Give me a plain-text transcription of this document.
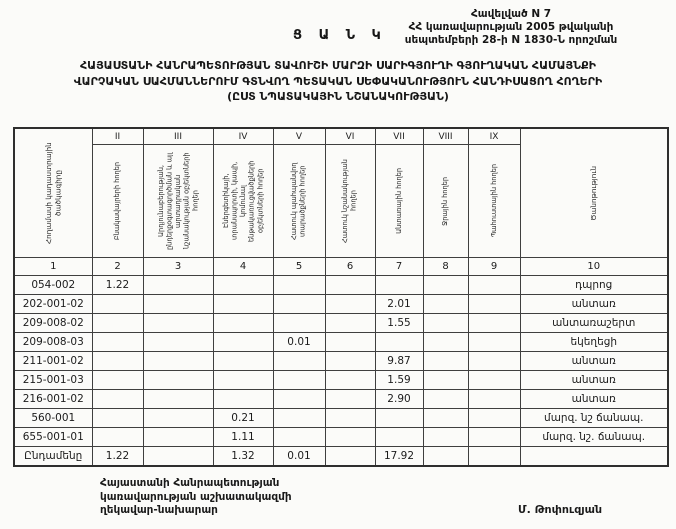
Հավելված N 7
ՀՀ կառավարության 2005 թվականի
սեպտեմբերի 28-ի N 1830-Ն որոշման
Ց Ա Ն Կ
ՀԱՅԱՍՏԱՆԻ ՀԱՆՐԱՊԵՏՈՒԹՅԱՆ ՏԱՎՈՒՇԻ ՄԱՐԶԻ ՍԱՐԻԳՅՈՒՂԻ ԳՅՈՒՂԱԿԱՆ ՀԱՄԱՅՆՔԻ
ՎԱՐՉԱԿԱՆ ՍԱՀՄԱՆՆԵՐՈՒՄ ԳՏՆՎՈՂ ՊԵՏԱԿԱՆ ՍԵՓԱԿԱՆՈՒԹՅՈՒՆ ՀԱՆԴԻՍԱՑՈՂ ՀՈՂԵՐԻ
(ԸՍՏ ՆՊԱՏԱԿԱՅԻՆ ՆՇԱՆԱԿՈՒԹՅԱՆ)
Հողամասի կադաստրային ծածկագիրը	II	III	IV	V	VI	VII	VIII	IX	Ծանոթություն

	Բնակավայրերի հողեր	Արդյունաբերության, ընդերքօգտագործման և այլ արտադրական նշանակության օբյեկտների հողեր	Էներգետիկայի, տրանսպորտի, կապի, կոմունալ ենթակառուցվածքների օբյեկտների հողեր	Հատուկ պահպանվող տարածքների հողեր	Հատուկ նշանակության հողեր	Անտառային հողեր	Ջրային հողեր	Պահուստային հողեր	

1	2	3	4	5	6	7	8	9	10
054-002	1.22								դպրոց
202-001-02						2.01			անտառ
209-008-02						1.55			անտառաշերտ
209-008-03				0.01					եկեղեցի
211-001-02						9.87			անտառ
215-001-03						1.59			անտառ
216-001-02						2.90			անտառ
560-001			0.21						մարզ. նշ ճանապ.
655-001-01			1.11						մարզ. նշ. ճանապ.
Ընդամենը	1.22		1.32	0.01		17.92			
Հայաստանի Հանրապետության
կառավարության աշխատակազմի
ղեկավար-նախարար	Մ. Թոփուզյան
